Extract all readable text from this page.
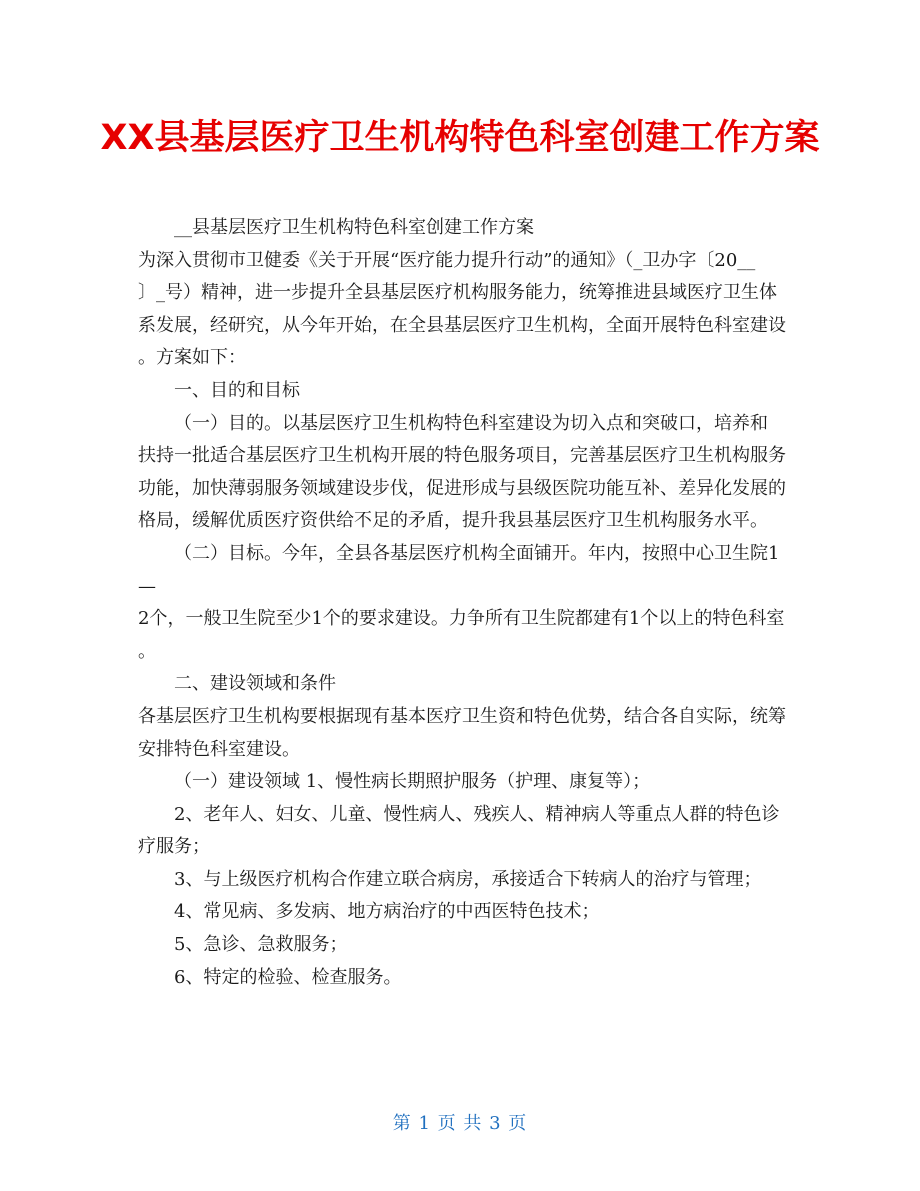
XX县基层医疗卫生机构特色科室创建工作方案
__县基层医疗卫生机构特色科室创建工作方案
为深入贯彻市卫健委《关于开展“医疗能力提升行动”的通知》（_卫办字〔20__
〕_号）精神，进一步提升全县基层医疗机构服务能力，统筹推进县域医疗卫生体
系发展，经研究，从今年开始，在全县基层医疗卫生机构，全面开展特色科室建设
。方案如下：
一、目的和目标
（一）目的。以基层医疗卫生机构特色科室建设为切入点和突破口，培养和
扶持一批适合基层医疗卫生机构开展的特色服务项目，完善基层医疗卫生机构服务
功能，加快薄弱服务领域建设步伐，促进形成与县级医院功能互补、差异化发展的
格局，缓解优质医疗资供给不足的矛盾，提升我县基层医疗卫生机构服务水平。
（二）目标。今年，全县各基层医疗机构全面铺开。年内，按照中心卫生院1
—
2个，一般卫生院至少1个的要求建设。力争所有卫生院都建有1个以上的特色科室
。
二、建设领域和条件
各基层医疗卫生机构要根据现有基本医疗卫生资和特色优势，结合各自实际，统筹
安排特色科室建设。
（一）建设领域 1、慢性病长期照护服务（护理、康复等）；
2、老年人、妇女、儿童、慢性病人、残疾人、精神病人等重点人群的特色诊
疗服务；
3、与上级医疗机构合作建立联合病房，承接适合下转病人的治疗与管理；
4、常见病、多发病、地方病治疗的中西医特色技术；
5、急诊、急救服务；
6、特定的检验、检查服务。
第 1 页 共 3 页
